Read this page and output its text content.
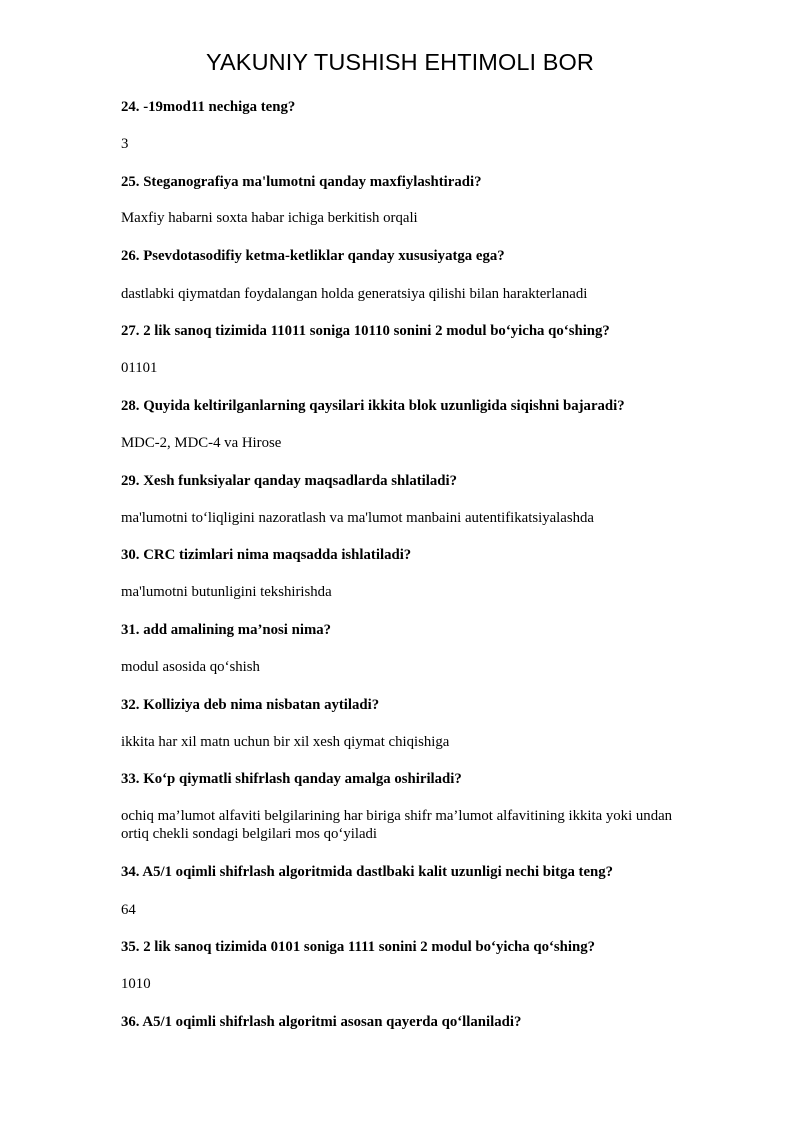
YAKUNIY TUSHISH EHTIMOLI BOR
24. -19mod11 nechiga teng?
3
25. Steganografiya ma'lumotni qanday maxfiylashtiradi?
Maxfiy habarni soxta habar ichiga berkitish orqali
26. Psevdotasodifiy ketma-ketliklar qanday xususiyatga ega?
dastlabki qiymatdan foydalangan holda generatsiya qilishi bilan harakterlanadi
27. 2 lik sanoq tizimida 11011 soniga 10110 sonini 2 modul bo‘yicha qo‘shing?
01101
28. Quyida keltirilganlarning qaysilari ikkita blok uzunligida siqishni bajaradi?
MDC-2, MDC-4 va Hirose
29. Xesh funksiyalar qanday maqsadlarda shlatiladi?
ma'lumotni to‘liqligini nazoratlash va ma'lumot manbaini autentifikatsiyalashda
30. CRC tizimlari nima maqsadda ishlatiladi?
ma'lumotni butunligini tekshirishda
31. add amalining ma’nosi nima?
modul asosida qo‘shish
32. Kolliziya deb nima nisbatan aytiladi?
ikkita har xil matn uchun bir xil xesh qiymat chiqishiga
33. Ko‘p qiymatli shifrlash qanday amalga oshiriladi?
ochiq ma’lumot alfaviti belgilarining har biriga shifr ma’lumot alfavitining ikkita yoki undan ortiq chekli sondagi belgilari mos qo‘yiladi
34. A5/1 oqimli shifrlash algoritmida dastlbaki kalit uzunligi nechi bitga teng?
64
35. 2 lik sanoq tizimida 0101 soniga 1111 sonini 2 modul bo‘yicha qo‘shing?
1010
36. A5/1 oqimli shifrlash algoritmi asosan qayerda qo‘llaniladi?
